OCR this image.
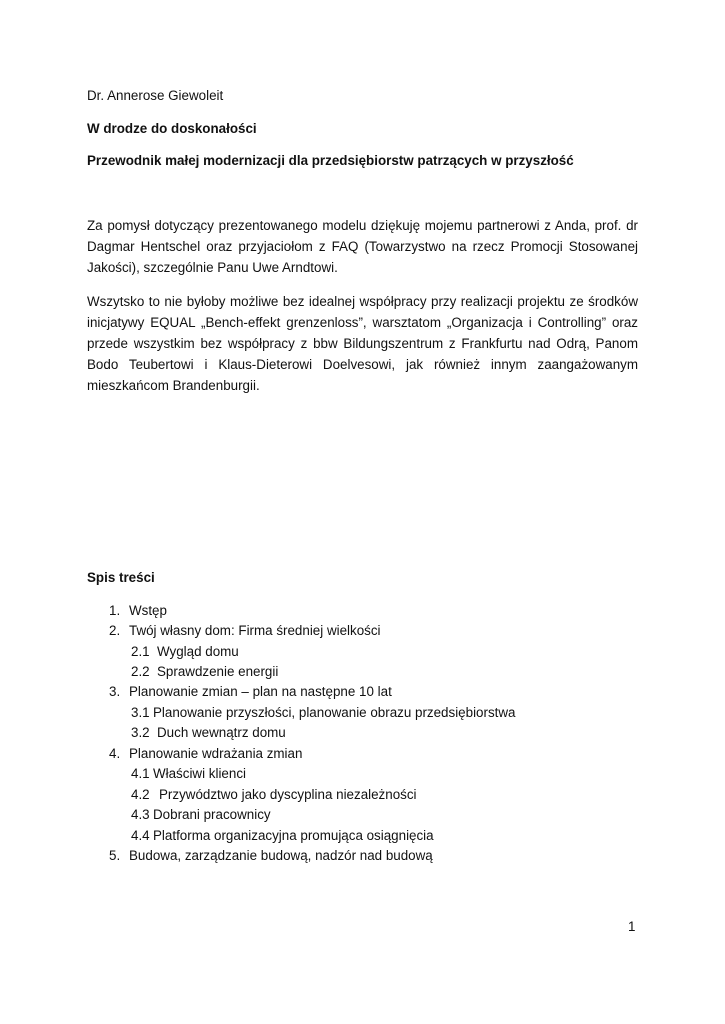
Dr. Annerose Giewoleit
W drodze do doskonałości
Przewodnik małej modernizacji dla przedsiębiorstw patrzących w przyszłość
Za pomysł dotyczący prezentowanego modelu dziękuję mojemu partnerowi z Anda, prof. dr Dagmar Hentschel oraz przyjaciołom z FAQ (Towarzystwo na rzecz Promocji Stosowanej Jakości), szczególnie Panu Uwe Arndtowi.
Wszytsko to nie byłoby możliwe bez idealnej współpracy przy realizacji projektu ze środków inicjatywy EQUAL „Bench-effekt grenzenloss”, warsztatom „Organizacja i Controlling” oraz przede wszystkim bez współpracy z bbw Bildungszentrum z Frankfurtu nad Odrą, Panom Bodo Teubertowi i Klaus-Dieterowi Doelvesowi, jak również innym zaangażowanym mieszkańcom Brandenburgii.
Spis treści
1. Wstęp
2. Twój własny dom: Firma średniej wielkości
2.1 Wygląd domu
2.2 Sprawdzenie energii
3. Planowanie zmian – plan na następne 10 lat
3.1 Planowanie przyszłości, planowanie obrazu przedsiębiorstwa
3.2 Duch wewnątrz domu
4. Planowanie wdrażania zmian
4.1 Właściwi klienci
4.2 Przywództwo jako dyscyplina niezależności
4.3 Dobrani pracownicy
4.4 Platforma organizacyjna promująca osiągnięcia
5. Budowa, zarządzanie budową, nadzór nad budową
1
